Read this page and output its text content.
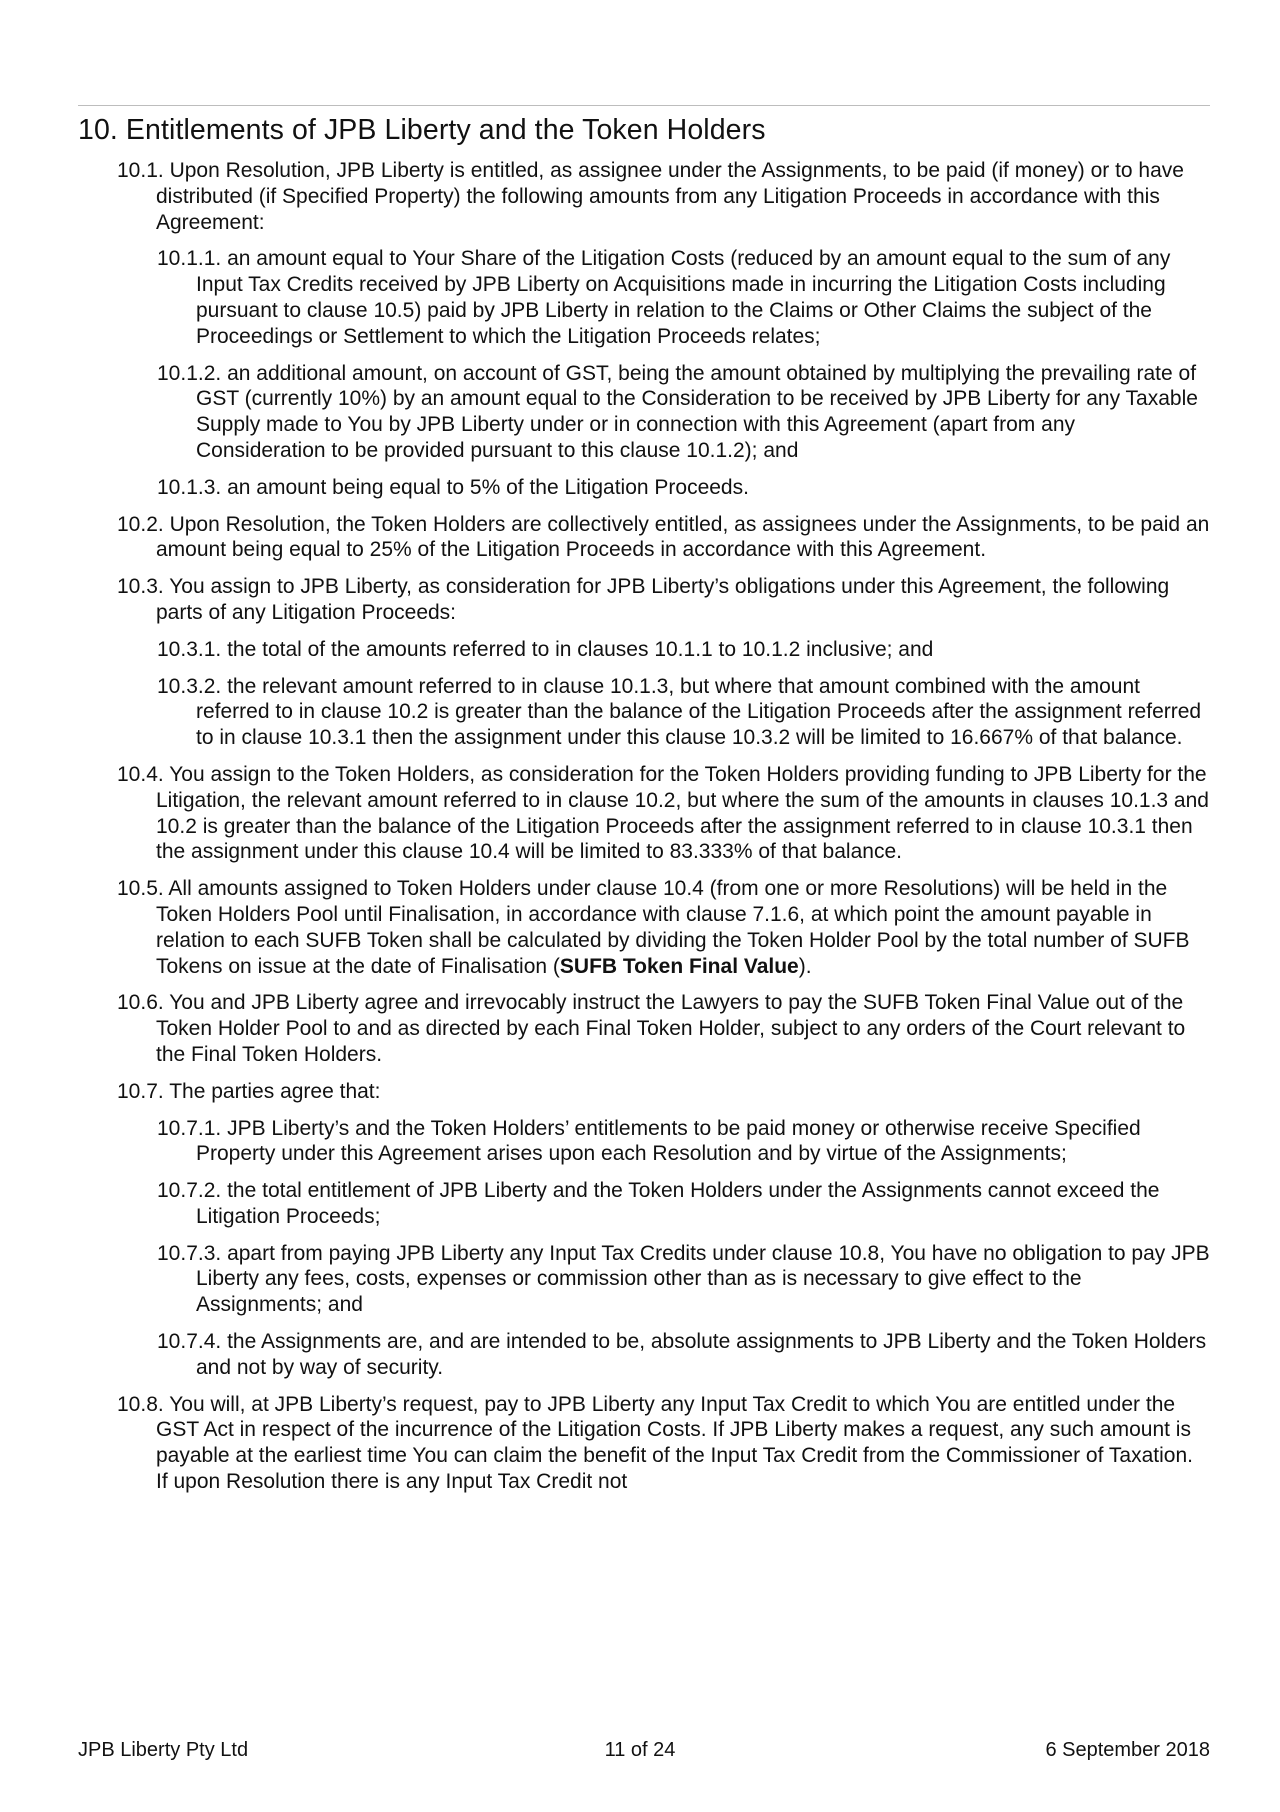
10. Entitlements of JPB Liberty and the Token Holders

10.1. Upon Resolution, JPB Liberty is entitled, as assignee under the Assignments, to be paid (if money) or to have distributed (if Specified Property) the following amounts from any Litigation Proceeds in accordance with this Agreement:

10.1.1. an amount equal to Your Share of the Litigation Costs (reduced by an amount equal to the sum of any Input Tax Credits received by JPB Liberty on Acquisitions made in incurring the Litigation Costs including pursuant to clause 10.5) paid by JPB Liberty in relation to the Claims or Other Claims the subject of the Proceedings or Settlement to which the Litigation Proceeds relates;

10.1.2. an additional amount, on account of GST, being the amount obtained by multiplying the prevailing rate of GST (currently 10%) by an amount equal to the Consideration to be received by JPB Liberty for any Taxable Supply made to You by JPB Liberty under or in connection with this Agreement (apart from any Consideration to be provided pursuant to this clause 10.1.2); and

10.1.3. an amount being equal to 5% of the Litigation Proceeds.

10.2. Upon Resolution, the Token Holders are collectively entitled, as assignees under the Assignments, to be paid an amount being equal to 25% of the Litigation Proceeds in accordance with this Agreement.

10.3. You assign to JPB Liberty, as consideration for JPB Liberty’s obligations under this Agreement, the following parts of any Litigation Proceeds:

10.3.1. the total of the amounts referred to in clauses 10.1.1 to 10.1.2 inclusive; and

10.3.2. the relevant amount referred to in clause 10.1.3, but where that amount combined with the amount referred to in clause 10.2 is greater than the balance of the Litigation Proceeds after the assignment referred to in clause 10.3.1 then the assignment under this clause 10.3.2 will be limited to 16.667% of that balance.

10.4. You assign to the Token Holders, as consideration for the Token Holders providing funding to JPB Liberty for the Litigation, the relevant amount referred to in clause 10.2, but where the sum of the amounts in clauses 10.1.3 and 10.2 is greater than the balance of the Litigation Proceeds after the assignment referred to in clause 10.3.1 then the assignment under this clause 10.4 will be limited to 83.333% of that balance.

10.5. All amounts assigned to Token Holders under clause 10.4 (from one or more Resolutions) will be held in the Token Holders Pool until Finalisation, in accordance with clause 7.1.6, at which point the amount payable in relation to each SUFB Token shall be calculated by dividing the Token Holder Pool by the total number of SUFB Tokens on issue at the date of Finalisation (SUFB Token Final Value).

10.6. You and JPB Liberty agree and irrevocably instruct the Lawyers to pay the SUFB Token Final Value out of the Token Holder Pool to and as directed by each Final Token Holder, subject to any orders of the Court relevant to the Final Token Holders.

10.7. The parties agree that:

10.7.1. JPB Liberty’s and the Token Holders’ entitlements to be paid money or otherwise receive Specified Property under this Agreement arises upon each Resolution and by virtue of the Assignments;

10.7.2. the total entitlement of JPB Liberty and the Token Holders under the Assignments cannot exceed the Litigation Proceeds;

10.7.3. apart from paying JPB Liberty any Input Tax Credits under clause 10.8, You have no obligation to pay JPB Liberty any fees, costs, expenses or commission other than as is necessary to give effect to the Assignments; and

10.7.4. the Assignments are, and are intended to be, absolute assignments to JPB Liberty and the Token Holders and not by way of security.

10.8. You will, at JPB Liberty’s request, pay to JPB Liberty any Input Tax Credit to which You are entitled under the GST Act in respect of the incurrence of the Litigation Costs. If JPB Liberty makes a request, any such amount is payable at the earliest time You can claim the benefit of the Input Tax Credit from the Commissioner of Taxation. If upon Resolution there is any Input Tax Credit not

JPB Liberty Pty Ltd	11 of 24	6 September 2018
